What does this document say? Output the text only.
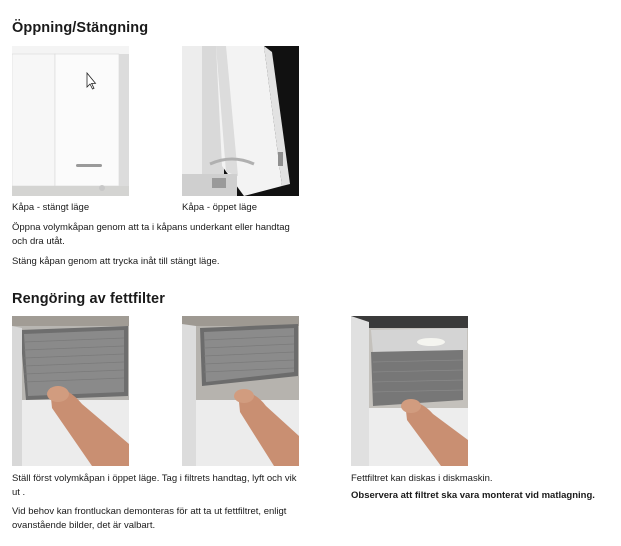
Öppning/Stängning
Kåpa - stängt läge	Kåpa - öppet läge
Öppna volymkåpan genom att ta i kåpans underkant eller handtag och dra utåt.
Stäng kåpan genom att trycka inåt till stängt läge.
Rengöring av fettfilter
Ställ först volymkåpan i öppet läge. Tag i filtrets handtag, lyft och vik ut .
Vid behov kan frontluckan demonteras för att ta ut fettfiltret, enligt ovanstående bilder, det är valbart.
Fettfiltret kan diskas i diskmaskin.
Observera att filtret ska vara monterat vid matlagning.
